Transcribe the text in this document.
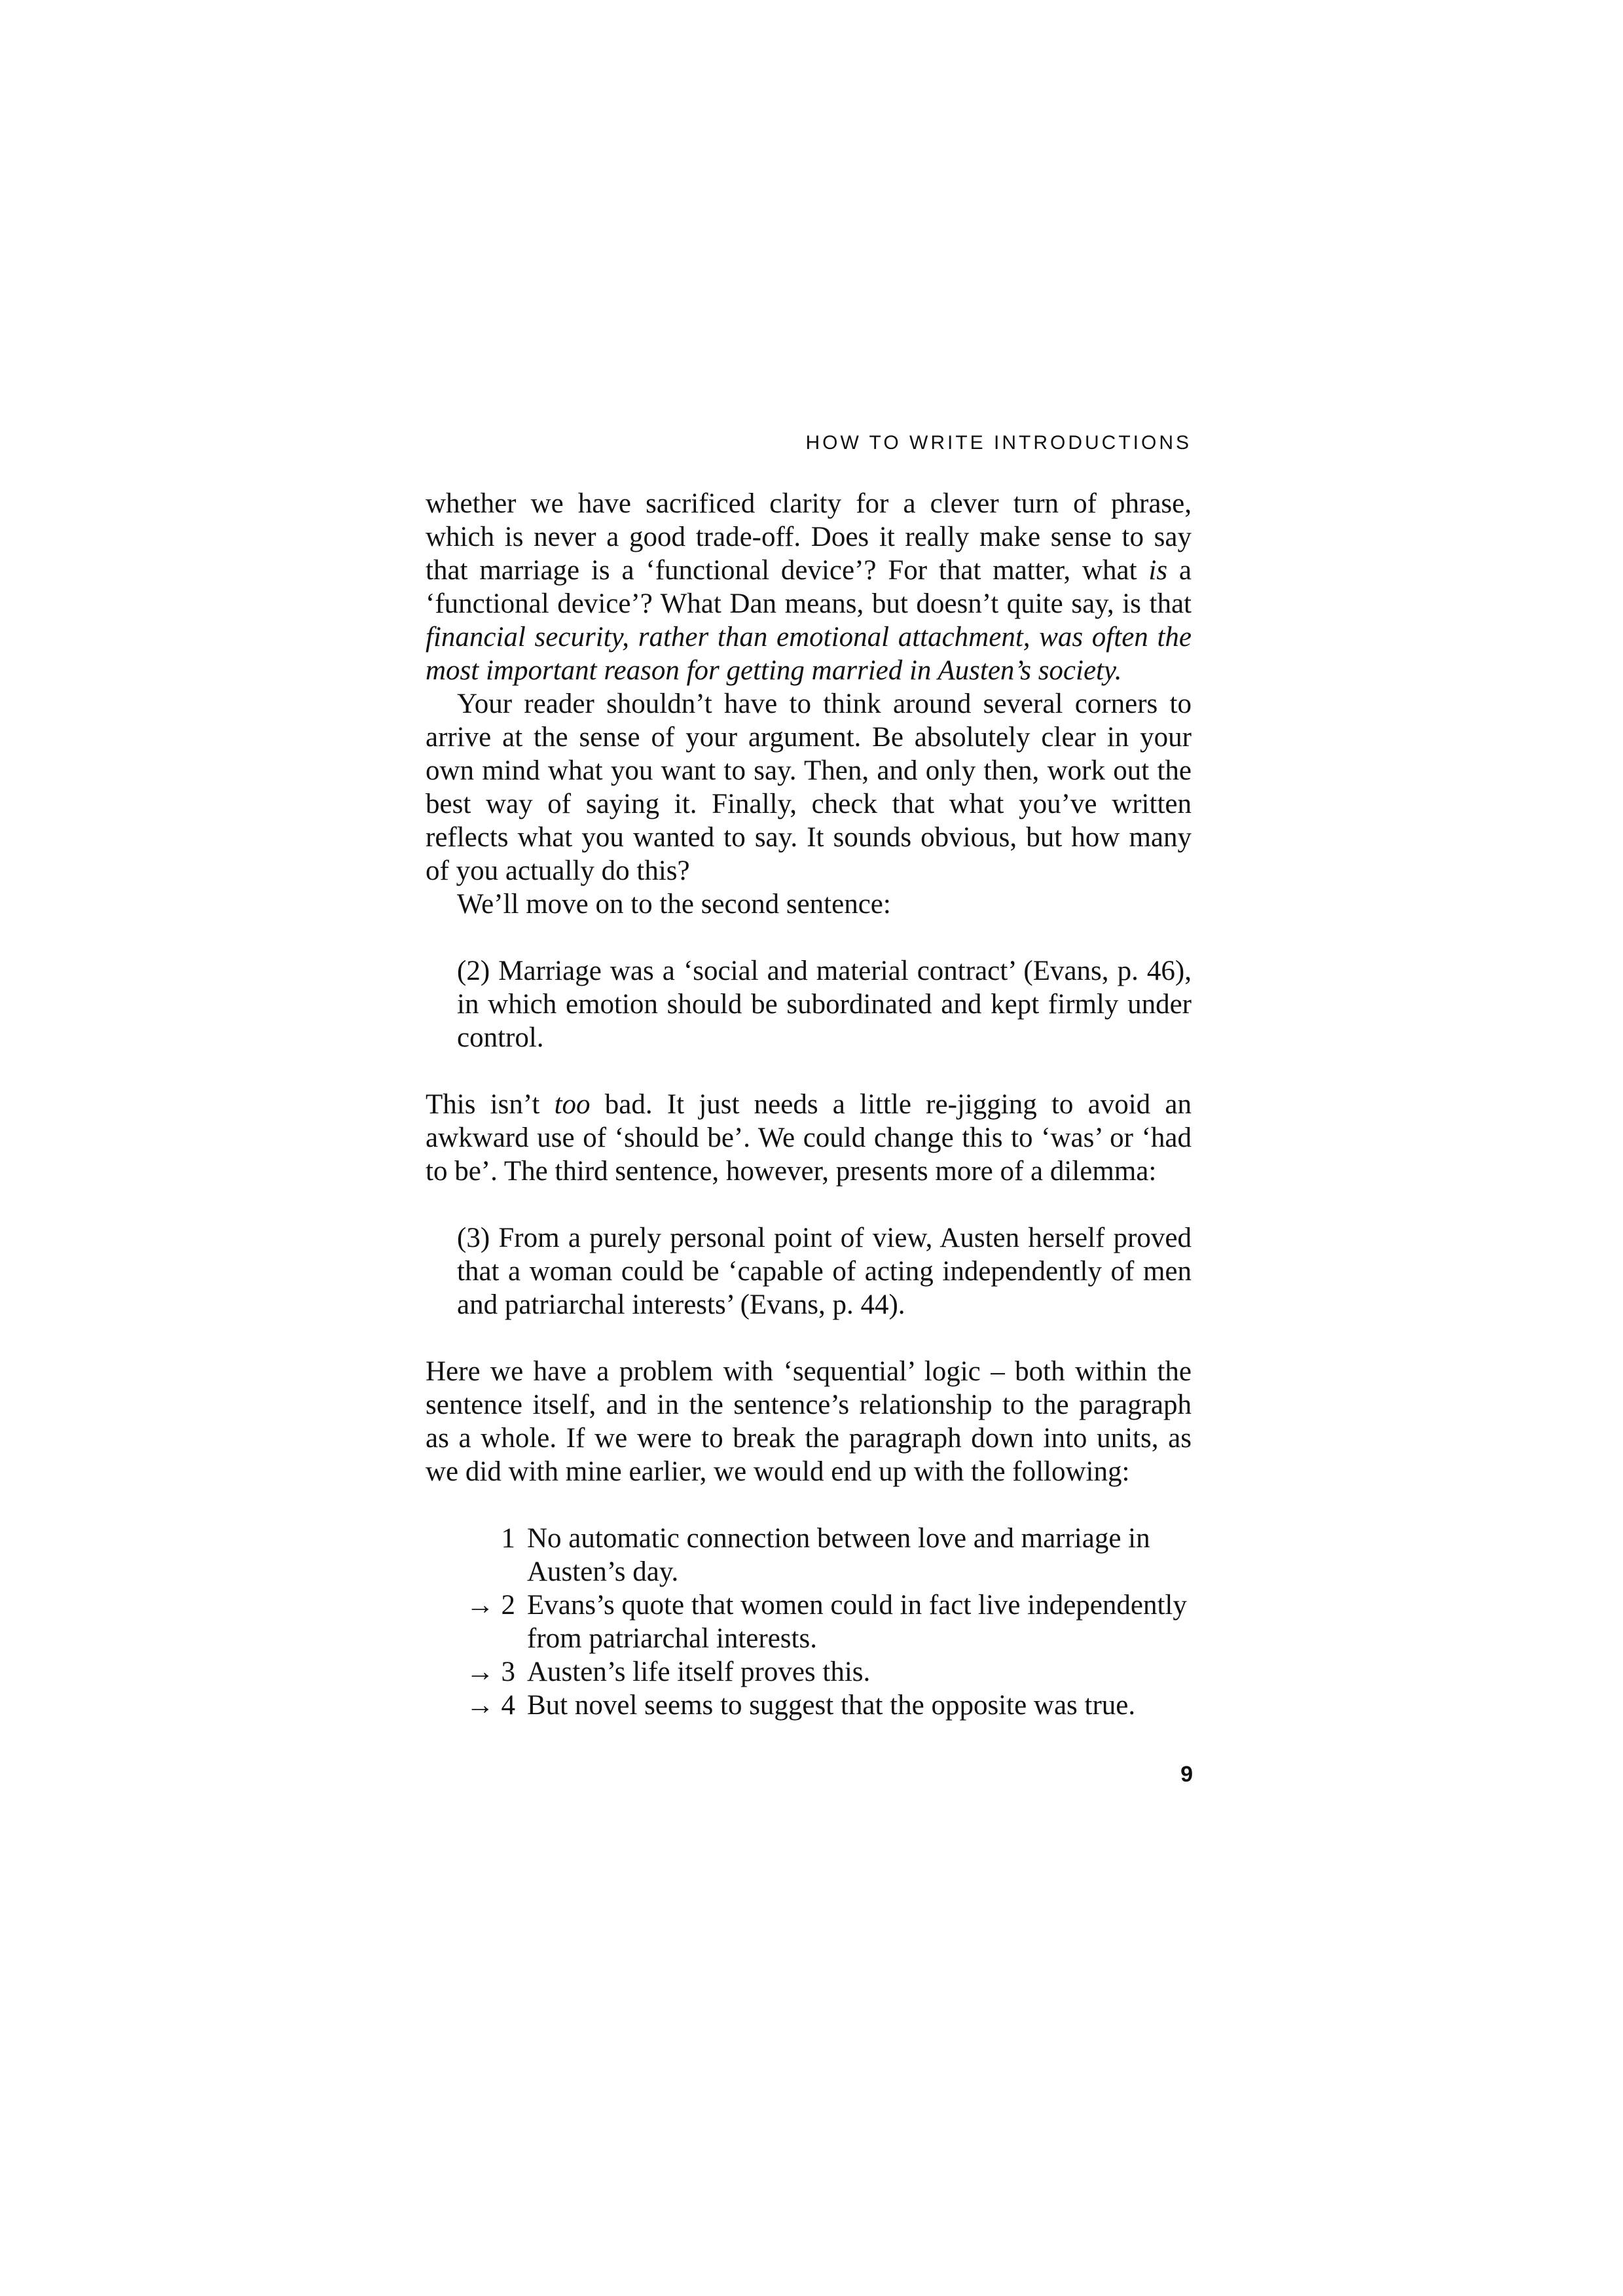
HOW TO WRITE INTRODUCTIONS

whether we have sacrificed clarity for a clever turn of phrase, which is never a good trade-off. Does it really make sense to say that marriage is a ‘functional device’? For that matter, what is a ‘functional device’? What Dan means, but doesn’t quite say, is that financial security, rather than emotional attachment, was often the most important reason for getting married in Austen’s society.

Your reader shouldn’t have to think around several corners to arrive at the sense of your argument. Be absolutely clear in your own mind what you want to say. Then, and only then, work out the best way of saying it. Finally, check that what you’ve written reflects what you wanted to say. It sounds obvious, but how many of you actually do this?

We’ll move on to the second sentence:

(2) Marriage was a ‘social and material contract’ (Evans, p. 46), in which emotion should be subordinated and kept firmly under control.

This isn’t too bad. It just needs a little re-jigging to avoid an awkward use of ‘should be’. We could change this to ‘was’ or ‘had to be’. The third sentence, however, presents more of a dilemma:

(3) From a purely personal point of view, Austen herself proved that a woman could be ‘capable of acting independently of men and patriarchal interests’ (Evans, p. 44).

Here we have a problem with ‘sequential’ logic – both within the sentence itself, and in the sentence’s relationship to the paragraph as a whole. If we were to break the paragraph down into units, as we did with mine earlier, we would end up with the following:

1 No automatic connection between love and marriage in Austen’s day.
→ 2 Evans’s quote that women could in fact live independently from patriarchal interests.
→ 3 Austen’s life itself proves this.
→ 4 But novel seems to suggest that the opposite was true.
9
